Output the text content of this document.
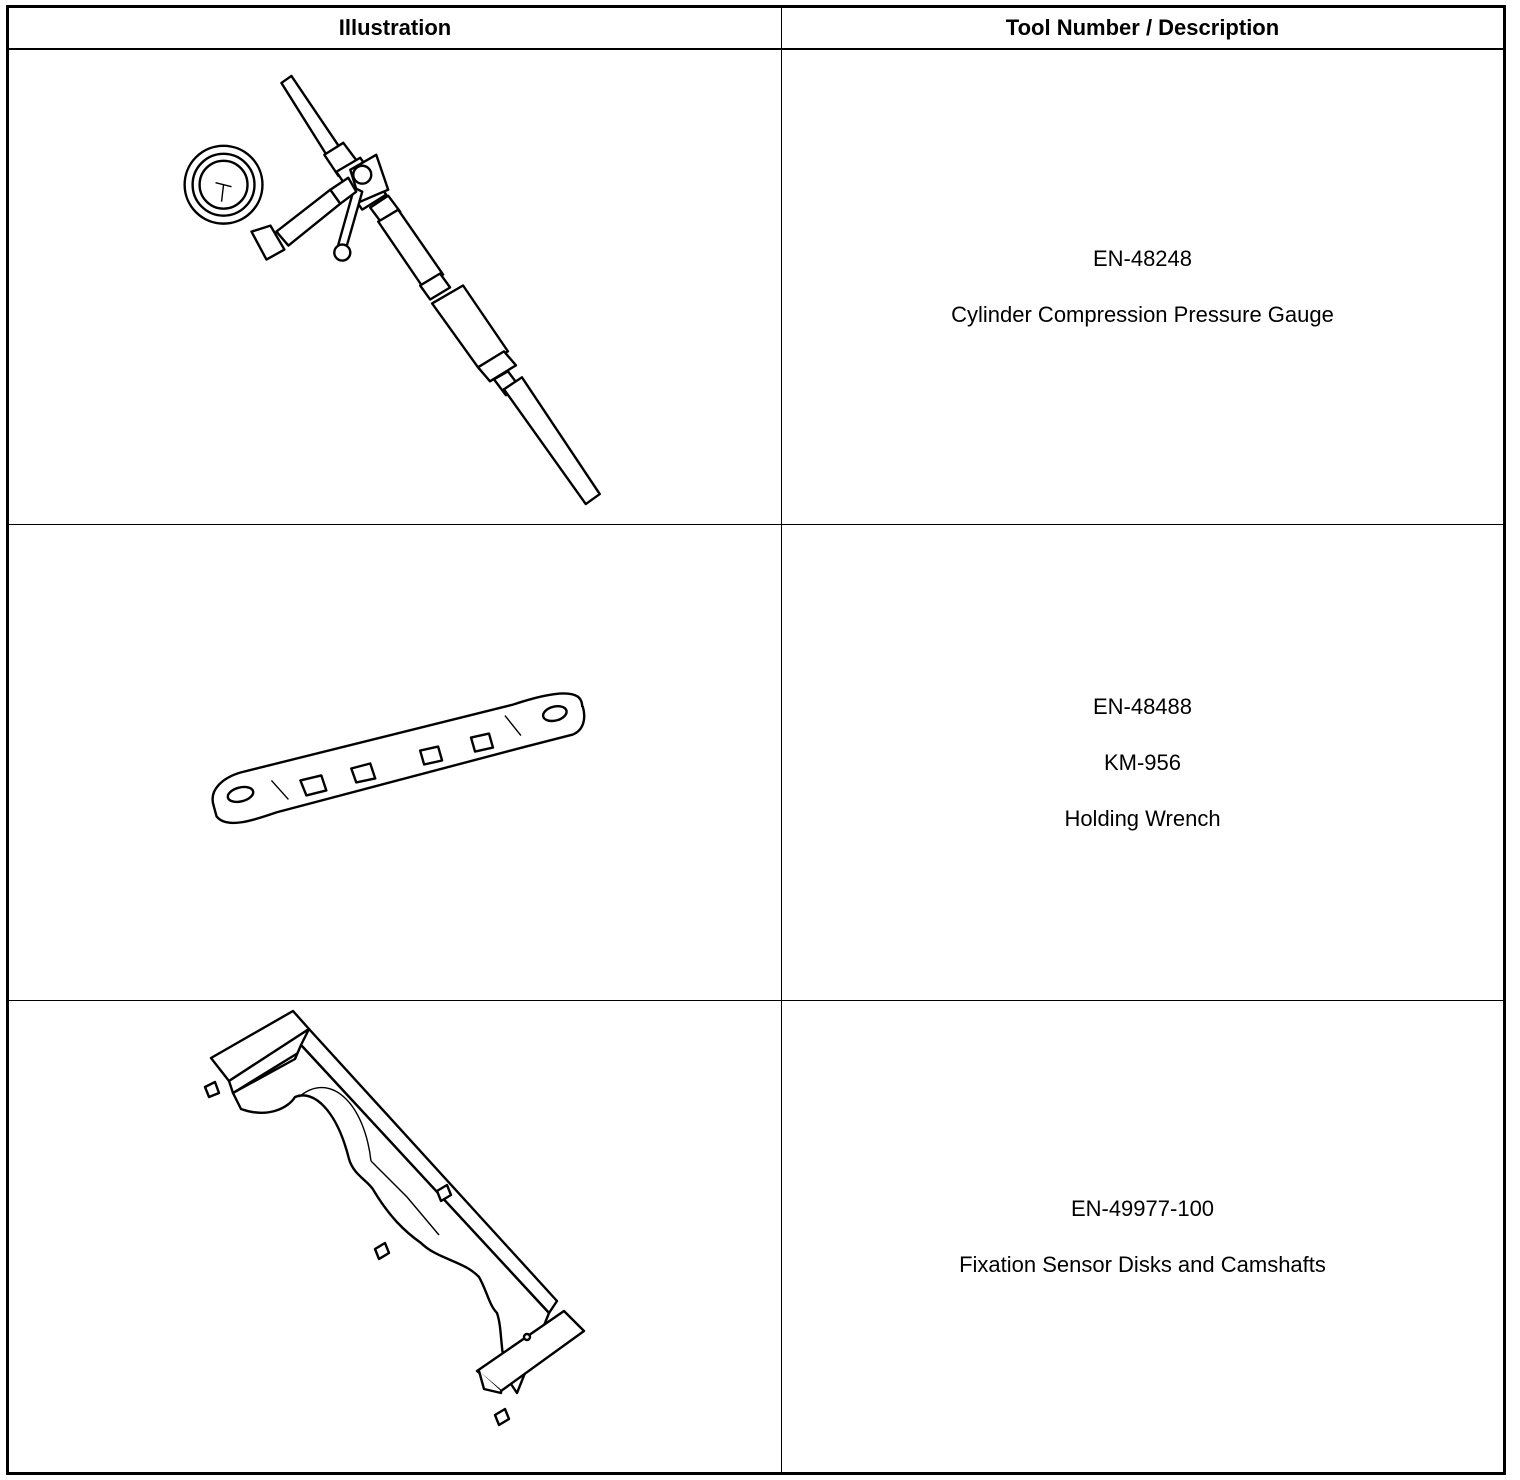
Illustration	Tool Number / Description
EN-48248
Cylinder Compression Pressure Gauge
EN-48488
KM-956
Holding Wrench
EN-49977-100
Fixation Sensor Disks and Camshafts
